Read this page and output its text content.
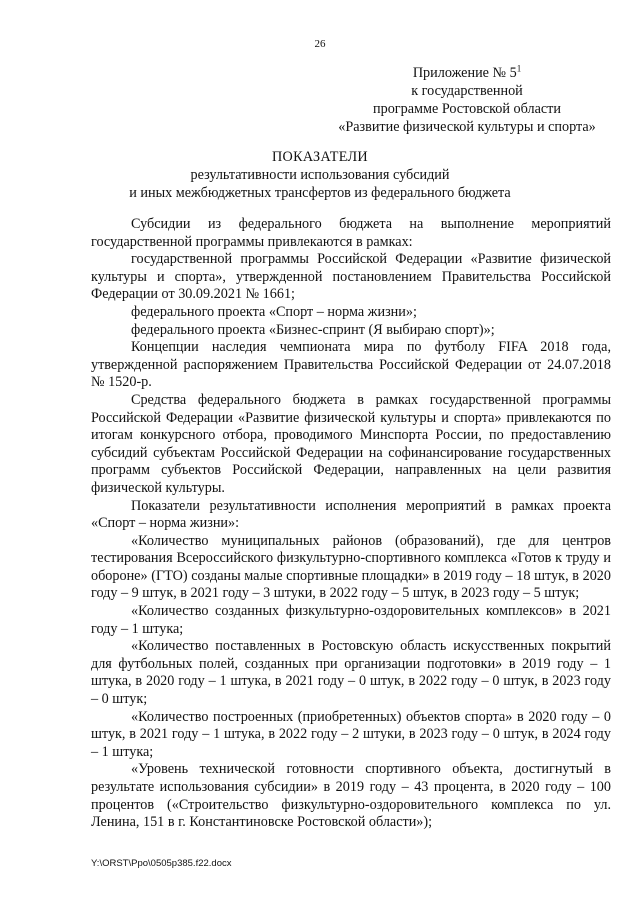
26
Приложение № $5^1$
к государственной
программе Ростовской области
«Развитие физической культуры и спорта»
ПОКАЗАТЕЛИ
результативности использования субсидий
и иных межбюджетных трансфертов из федерального бюджета

Субсидии из федерального бюджета на выполнение мероприятий государственной программы привлекаются в рамках:

государственной программы Российской Федерации «Развитие физической культуры и спорта», утвержденной постановлением Правительства Российской Федерации от 30.09.2021 № 1661;

федерального проекта «Спорт – норма жизни»;

федерального проекта «Бизнес-спринт (Я выбираю спорт)»;

Концепции наследия чемпионата мира по футболу FIFA 2018 года, утвержденной распоряжением Правительства Российской Федерации от 24.07.2018 № 1520-р.

Средства федерального бюджета в рамках государственной программы Российской Федерации «Развитие физической культуры и спорта» привлекаются по итогам конкурсного отбора, проводимого Минспорта России, по предоставлению субсидий субъектам Российской Федерации на софинансирование государственных программ субъектов Российской Федерации, направленных на цели развития физической культуры.

Показатели результативности исполнения мероприятий в рамках проекта «Спорт – норма жизни»:

«Количество муниципальных районов (образований), где для центров тестирования Всероссийского физкультурно-спортивного комплекса «Готов к труду и обороне» (ГТО) созданы малые спортивные площадки» в 2019 году – 18 штук, в 2020 году – 9 штук, в 2021 году – 3 штуки, в 2022 году – 5 штук, в 2023 году – 5 штук;

«Количество созданных физкультурно-оздоровительных комплексов» в 2021 году – 1 штука;

«Количество поставленных в Ростовскую область искусственных покрытий для футбольных полей, созданных при организации подготовки» в 2019 году – 1 штука, в 2020 году – 1 штука, в 2021 году – 0 штук, в 2022 году – 0 штук, в 2023 году – 0 штук;

«Количество построенных (приобретенных) объектов спорта» в 2020 году – 0 штук, в 2021 году – 1 штука, в 2022 году – 2 штуки, в 2023 году – 0 штук, в 2024 году – 1 штука;

«Уровень технической готовности спортивного объекта, достигнутый в результате использования субсидии» в 2019 году – 43 процента, в 2020 году – 100 процентов («Строительство физкультурно-оздоровительного комплекса по ул. Ленина, 151 в г. Константиновске Ростовской области»);

Y:\ORST\Ppo\0505p385.f22.docx
